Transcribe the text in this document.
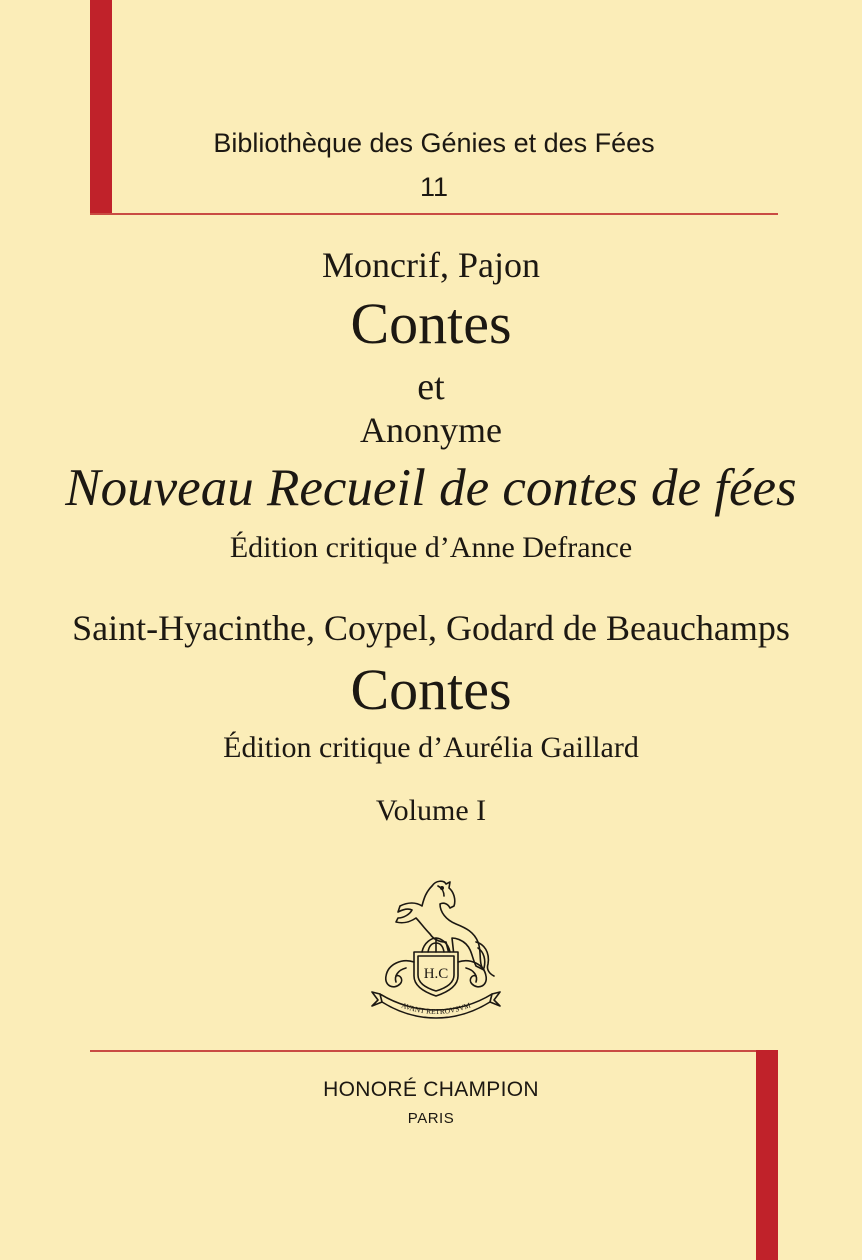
Bibliothèque des Génies et des Fées
11
Moncrif, Pajon
Contes
et
Anonyme
Nouveau Recueil de contes de fées
Édition critique d’Anne Defrance
Saint-Hyacinthe, Coypel, Godard de Beauchamps
Contes
Édition critique d’Aurélia Gaillard
Volume I
H.C
AVANT RETROVSVM
HONORÉ CHAMPION
PARIS
